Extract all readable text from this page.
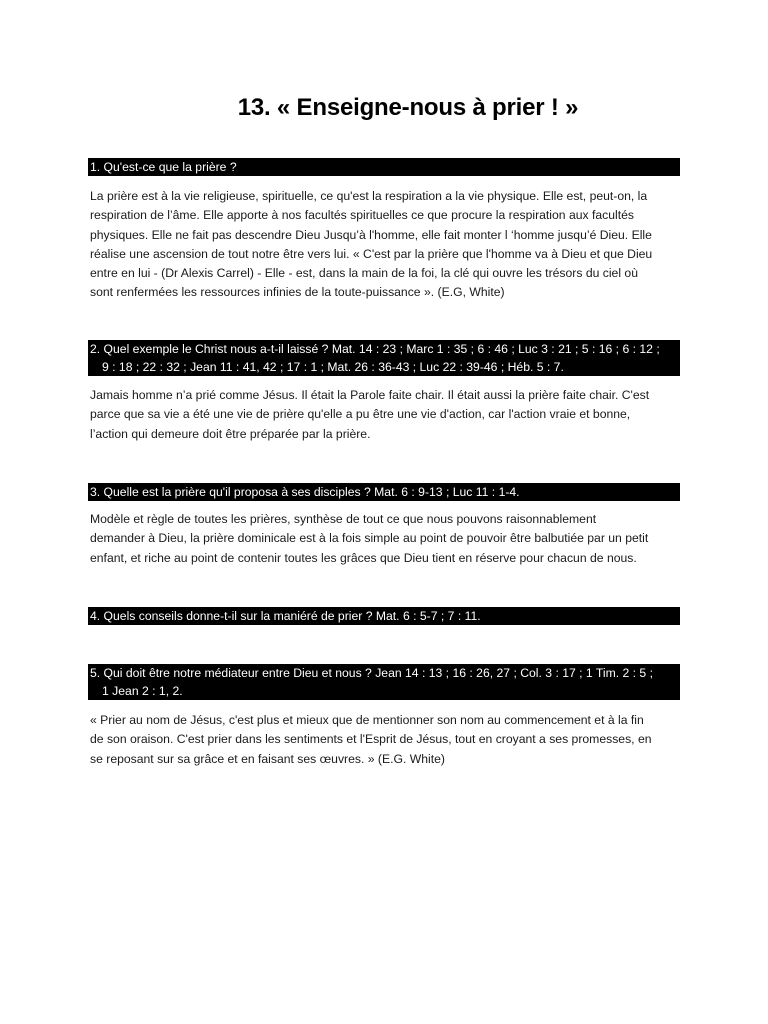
13. « Enseigne-nous à prier ! »
1. Qu'est-ce que la prière ?
La prière est à la vie religieuse, spirituelle, ce qu'est la respiration a la vie physique. Elle est, peut-on, la
respiration de l’âme. Elle apporte à nos facultés spirituelles ce que procure la respiration aux facultés
physiques. Elle ne fait pas descendre Dieu Jusqu’à l'homme, elle fait monter l ‘homme jusqu’é Dieu. Elle
réalise une ascension de tout notre être vers lui. « C'est par la prière que l'homme va à Dieu et que Dieu
entre en lui - (Dr Alexis Carrel) - Elle - est, dans la main de la foi, la clé qui ouvre les trésors du ciel où
sont renfermées les ressources infinies de la toute-puissance ». (E.G, White)
2. Quel exemple le Christ nous a-t-il laissé ? Mat. 14 : 23 ; Marc 1 : 35 ; 6 : 46 ; Luc 3 : 21 ; 5 : 16 ; 6 : 12 ;
9 : 18 ; 22 : 32 ; Jean 11 : 41, 42 ; 17 : 1 ; Mat. 26 : 36-43 ; Luc 22 : 39-46 ; Héb. 5 : 7.
Jamais homme n’a prié comme Jésus. Il était la Parole faite chair. Il était aussi la prière faite chair. C'est
parce que sa vie a été une vie de prière qu'elle a pu être une vie d'action, car l'action vraie et bonne,
l’action qui demeure doit être préparée par la prière.
3. Quelle est la prière qu'il proposa à ses disciples ? Mat. 6 : 9-13 ; Luc 11 : 1-4.
Modèle et règle de toutes les prières, synthèse de tout ce que nous pouvons raisonnablement
demander à Dieu, la prière dominicale est à la fois simple au point de pouvoir être balbutiée par un petit
enfant, et riche au point de contenir toutes les grâces que Dieu tient en réserve pour chacun de nous.
4. Quels conseils donne-t-il sur la maniéré de prier ? Mat. 6 : 5-7 ; 7 : 11.
5. Qui doit être notre médiateur entre Dieu et nous ? Jean 14 : 13 ; 16 : 26, 27 ; Col. 3 : 17 ; 1 Tim. 2 : 5 ;
1 Jean 2 : 1, 2.
« Prier au nom de Jésus, c'est plus et mieux que de mentionner son nom au commencement et à la fin
de son oraison. C'est prier dans les sentiments et l'Esprit de Jésus, tout en croyant a ses promesses, en
se reposant sur sa grâce et en faisant ses œuvres. » (E.G. White)
